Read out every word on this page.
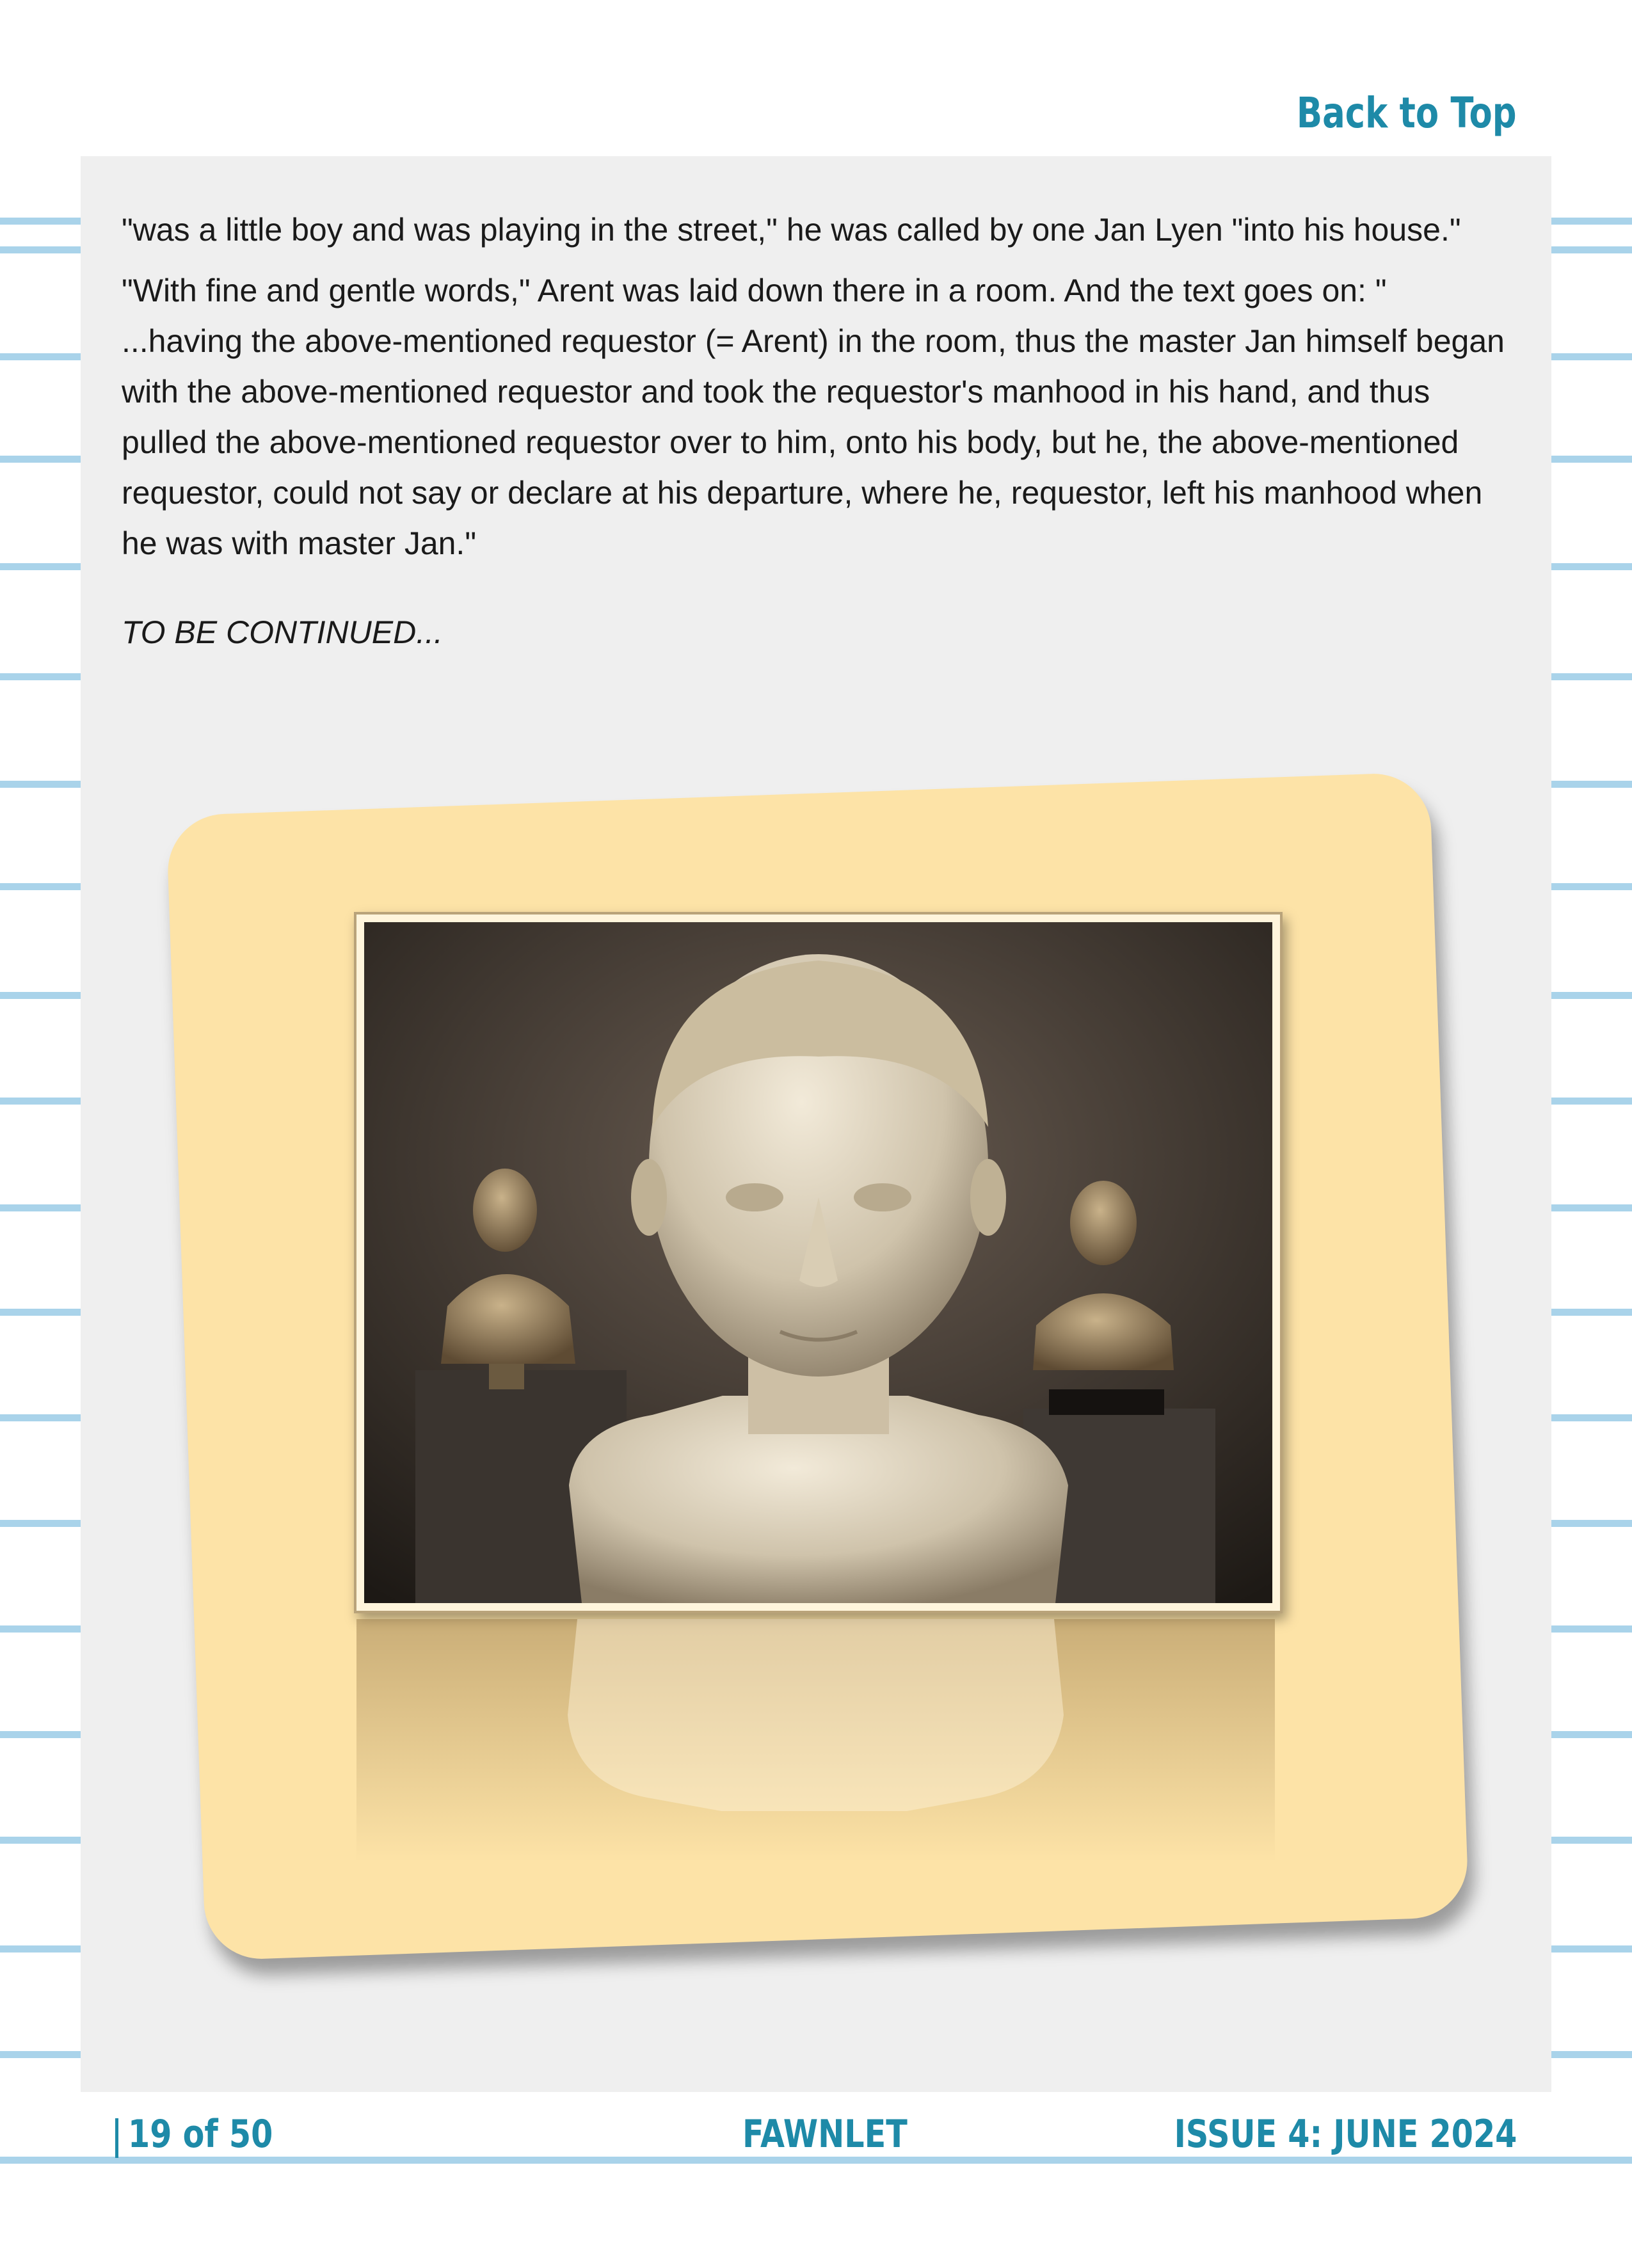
Back to Top

"was a little boy and was playing in the street," he was called by one Jan Lyen "into his house."

"With fine and gentle words," Arent was laid down there in a room. And the text goes on: " ...having the above-mentioned requestor (= Arent) in the room, thus the master Jan himself began with the above-mentioned requestor and took the requestor's manhood in his hand, and thus pulled the above-mentioned requestor over to him, onto his body, but he, the above-mentioned requestor, could not say or declare at his departure, where he, requestor, left his manhood when he was with master Jan."

TO BE CONTINUED...

19 of 50	FAWNLET	ISSUE 4: JUNE 2024
